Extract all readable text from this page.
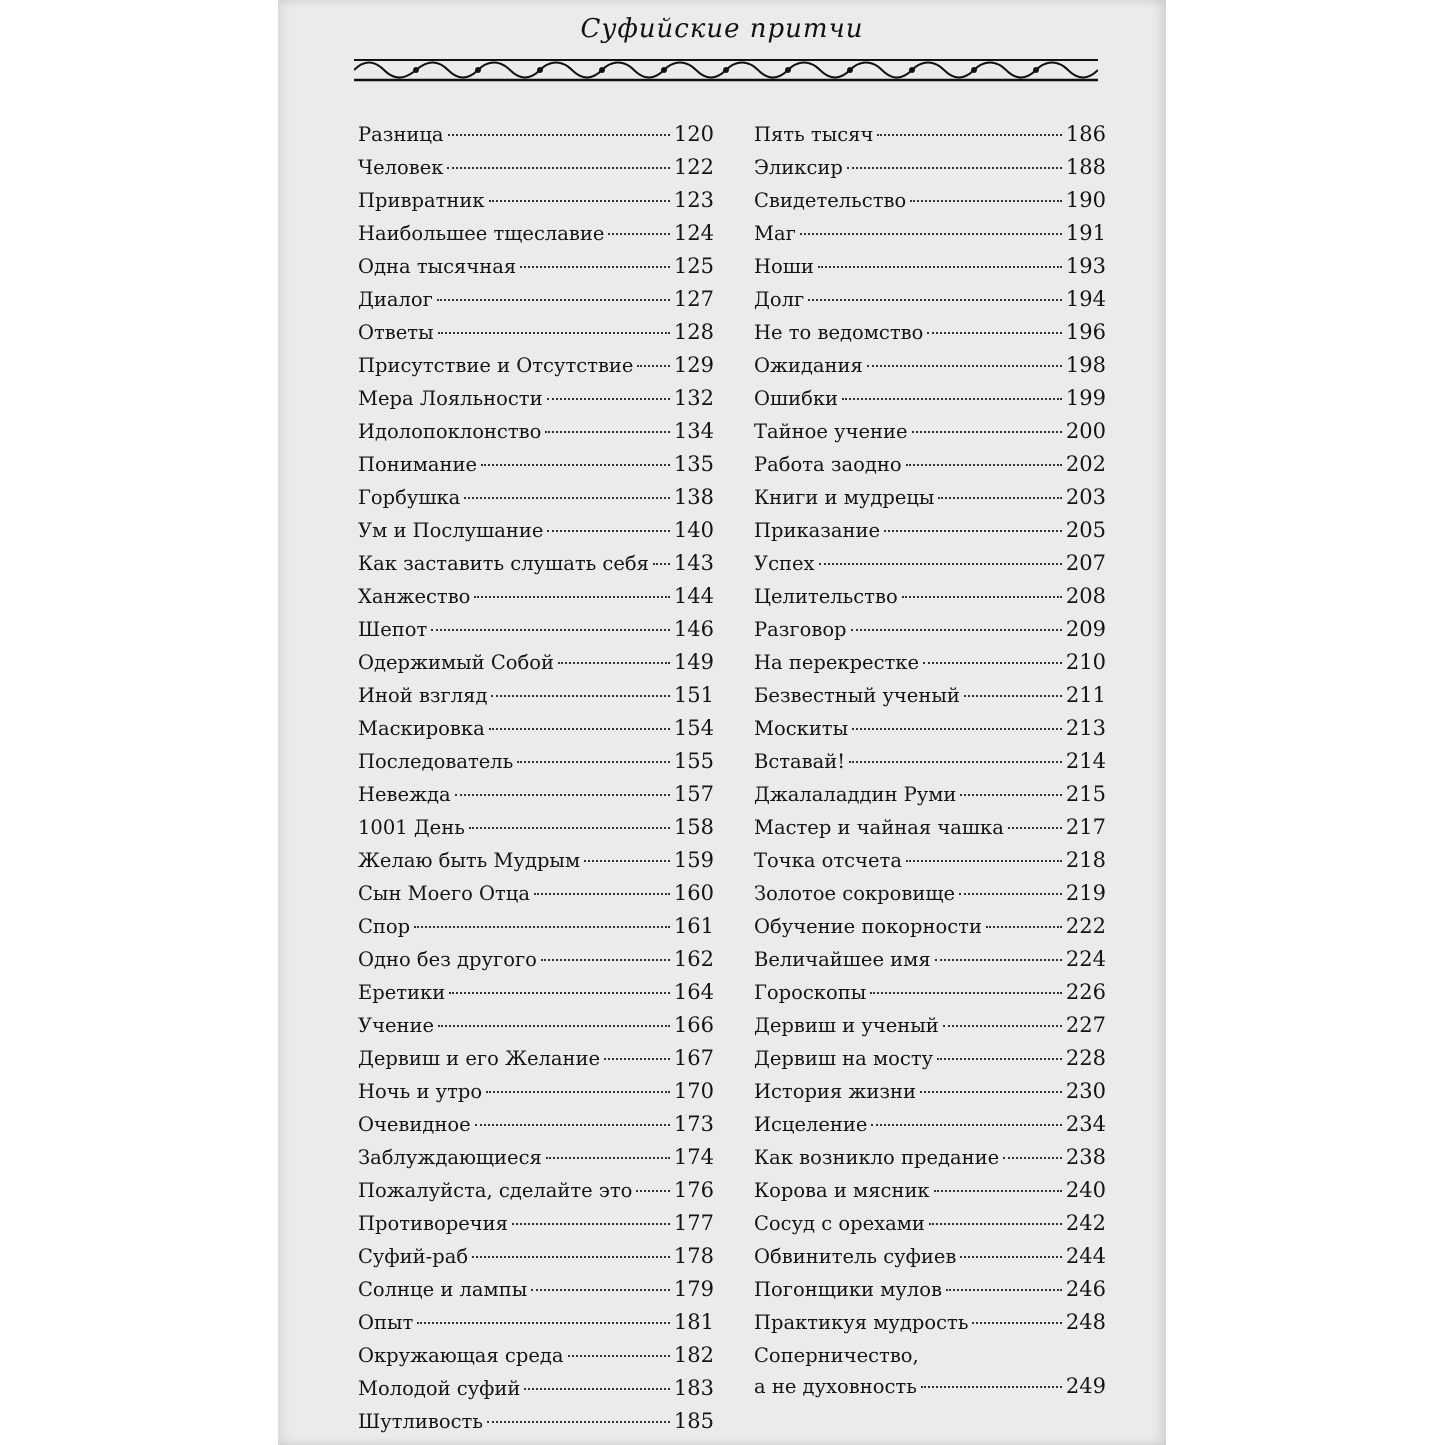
Суфийские притчи
Разница	120
Человек	122
Привратник	123
Наибольшее тщеславие	124
Одна тысячная	125
Диалог	127
Ответы	128
Присутствие и Отсутствие 129
Мера Лояльности	132
Идолопоклонство	134
Понимание	135
Горбушка	138
Ум и Послушание	140
Как заставить слушать себя 143
Ханжество	144
Шепот	146
Одержимый Собой	149
Иной взгляд	151
Маскировка	154
Последователь	155
Невежда	157
1001 День	158
Желаю быть Мудрым	159
Сын Моего Отца	160
Спор	161
Одно без другого	162
Еретики	164
Учение	166
Дервиш и его Желание	167
Ночь и утро	170
Очевидное	173
Заблуждающиеся	174
Пожалуйста, сделайте это 176
Противоречия	177
Суфий-раб	178
Солнце и лампы	179
Опыт	181
Окружающая среда	182
Молодой суфий	183
Шутливость	185
Пять тысяч	186
Эликсир	188
Свидетельство	190
Маг	191
Ноши	193
Долг	194
Не то ведомство	196
Ожидания	198
Ошибки	199
Тайное учение	200
Работа заодно	202
Книги и мудрецы	203
Приказание	205
Успех	207
Целительство	208
Разговор	209
На перекрестке	210
Безвестный ученый	211
Москиты	213
Вставай!	214
Джалаладдин Руми	215
Мастер и чайная чашка	217
Точка отсчета	218
Золотое сокровище	219
Обучение покорности	222
Величайшее имя	224
Гороскопы	226
Дервиш и ученый	227
Дервиш на мосту	228
История жизни	230
Исцеление	234
Как возникло предание	238
Корова и мясник	240
Сосуд с орехами	242
Обвинитель суфиев	244
Погонщики мулов	246
Практикуя мудрость	248
Соперничество,
а не духовность	249
